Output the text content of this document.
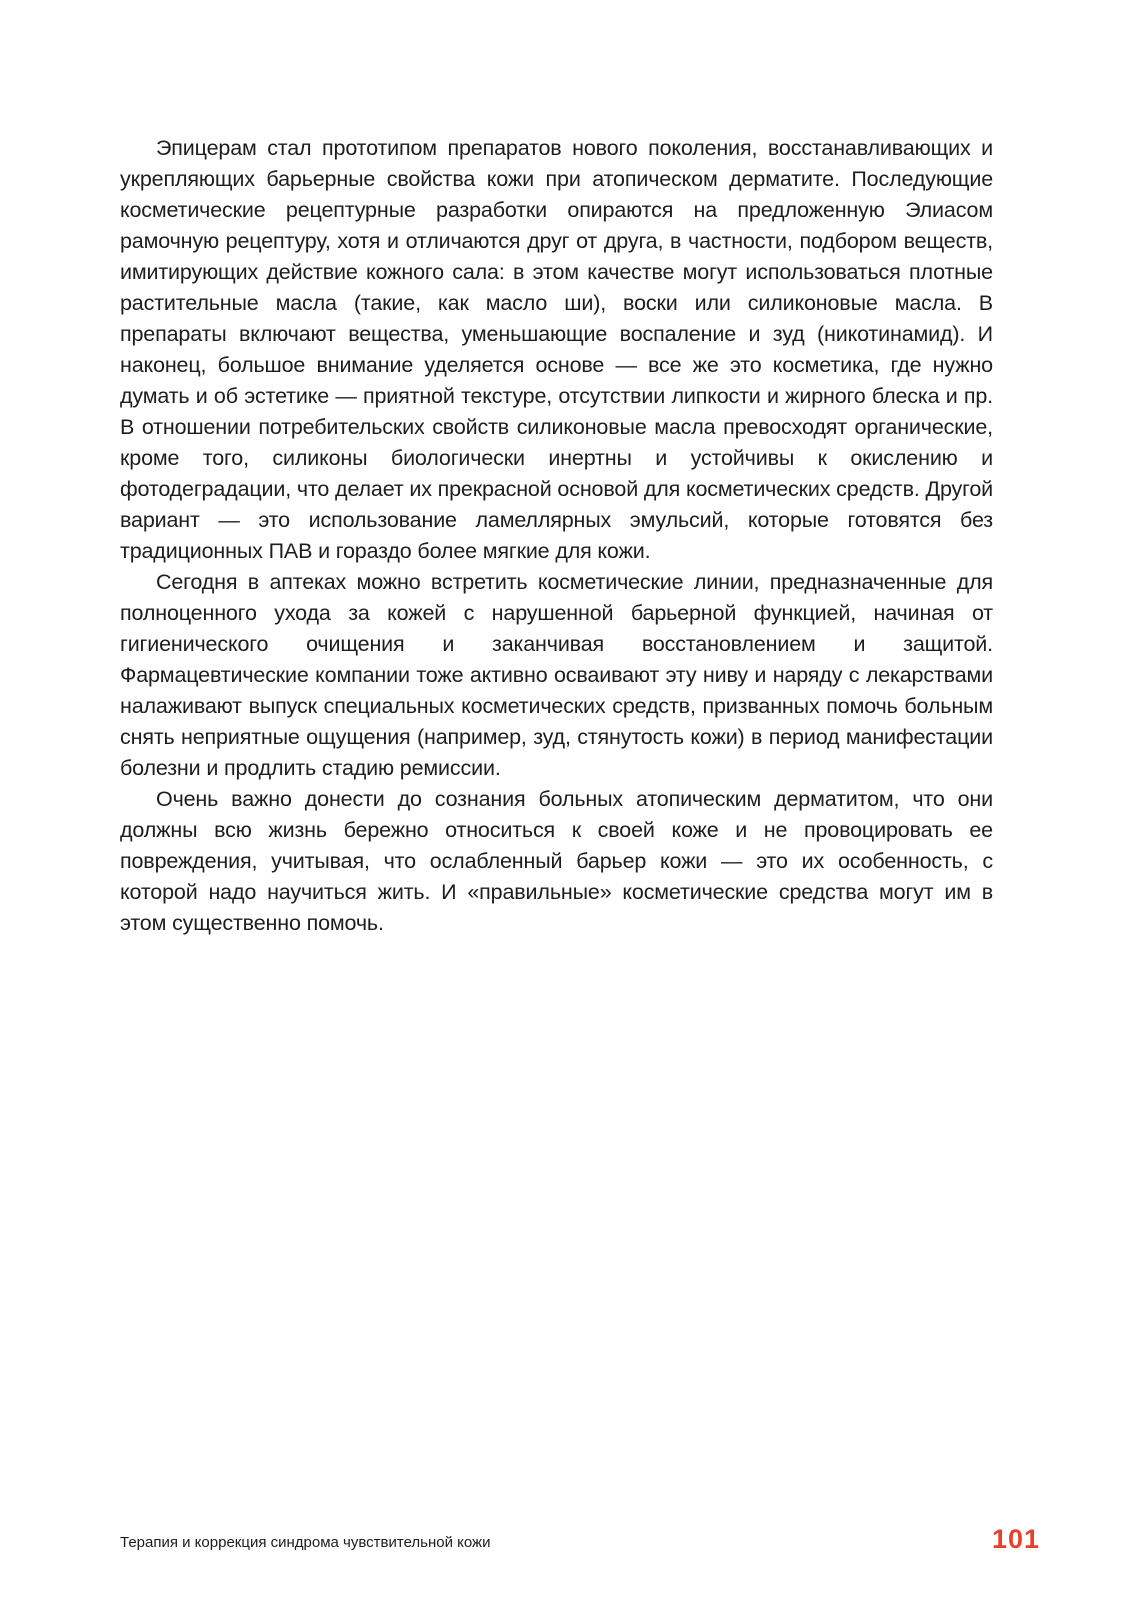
Эпицерам стал прототипом препаратов нового поколения, восстанавливающих и укрепляющих барьерные свойства кожи при атопическом дерматите. Последующие косметические рецептурные разработки опираются на предложенную Элиасом рамочную рецептуру, хотя и отличаются друг от друга, в частности, подбором веществ, имитирующих действие кожного сала: в этом качестве могут использоваться плотные растительные масла (такие, как масло ши), воски или силиконовые масла. В препараты включают вещества, уменьшающие воспаление и зуд (никотинамид). И наконец, большое внимание уделяется основе — все же это косметика, где нужно думать и об эстетике — приятной текстуре, отсутствии липкости и жирного блеска и пр. В отношении потребительских свойств силиконовые масла превосходят органические, кроме того, силиконы биологически инертны и устойчивы к окислению и фотодеградации, что делает их прекрасной основой для косметических средств. Другой вариант — это использование ламеллярных эмульсий, которые готовятся без традиционных ПАВ и гораздо более мягкие для кожи.

Сегодня в аптеках можно встретить косметические линии, предназначенные для полноценного ухода за кожей с нарушенной барьерной функцией, начиная от гигиенического очищения и заканчивая восстановлением и защитой. Фармацевтические компании тоже активно осваивают эту ниву и наряду с лекарствами налаживают выпуск специальных косметических средств, призванных помочь больным снять неприятные ощущения (например, зуд, стянутость кожи) в период манифестации болезни и продлить стадию ремиссии.

Очень важно донести до сознания больных атопическим дерматитом, что они должны всю жизнь бережно относиться к своей коже и не провоцировать ее повреждения, учитывая, что ослабленный барьер кожи — это их особенность, с которой надо научиться жить. И «правильные» косметические средства могут им в этом существенно помочь.

Терапия и коррекция синдрома чувствительной кожи	101
